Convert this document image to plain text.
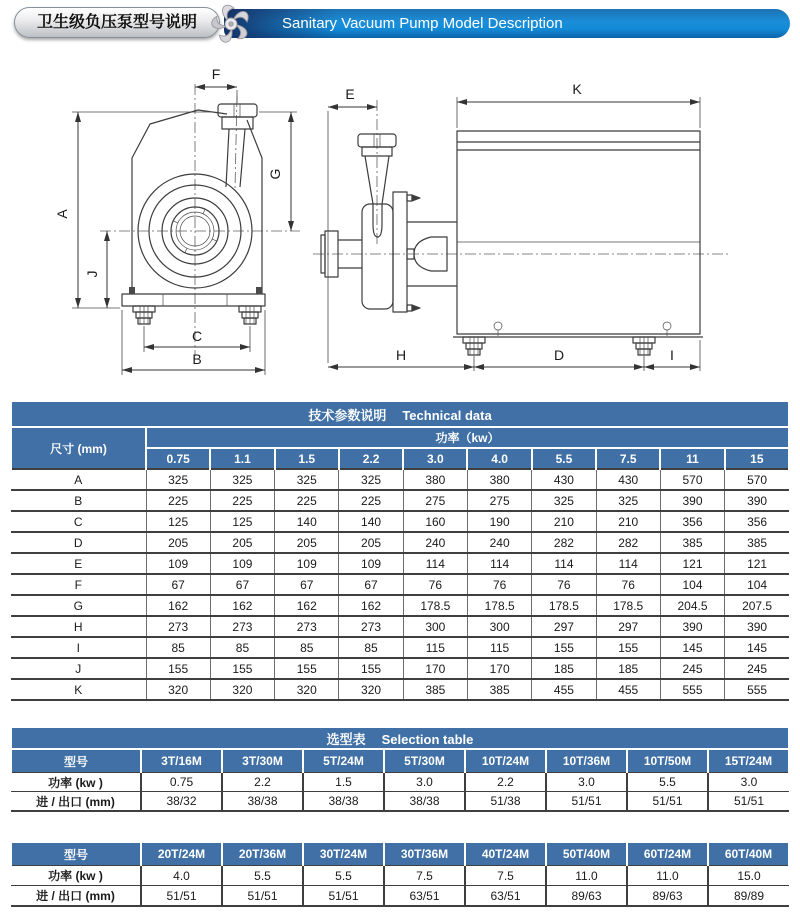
Sanitary Vacuum Pump Model Description
卫生级负压泵型号说明
F
A
J
G
C
B
E	K
H	D	I
技术参数说明 Technical data										
尺寸 (mm)	功率（kw）									
	0.75	1.1	1.5	2.2	3.0	4.0	5.5	7.5	11	15
A	325	325	325	325	380	380	430	430	570	570
B	225	225	225	225	275	275	325	325	390	390
C	125	125	140	140	160	190	210	210	356	356
D	205	205	205	205	240	240	282	282	385	385
E	109	109	109	109	114	114	114	114	121	121
F	67	67	67	67	76	76	76	76	104	104
G	162	162	162	162	178.5	178.5	178.5	178.5	204.5	207.5
H	273	273	273	273	300	300	297	297	390	390
I	85	85	85	85	115	115	155	155	145	145
J	155	155	155	155	170	170	185	185	245	245
K	320	320	320	320	385	385	455	455	555	555
选型表 Selection table								
型号	3T/16M	3T/30M	5T/24M	5T/30M	10T/24M	10T/36M	10T/50M	15T/24M
功率 (kw )	0.75	2.2	1.5	3.0	2.2	3.0	5.5	3.0
进 / 出口 (mm)	38/32	38/38	38/38	38/38	51/38	51/51	51/51	51/51
型号	20T/24M	20T/36M	30T/24M	30T/36M	40T/24M	50T/40M	60T/24M	60T/40M
功率 (kw )	4.0	5.5	5.5	7.5	7.5	11.0	11.0	15.0
进 / 出口 (mm)	51/51	51/51	51/51	63/51	63/51	89/63	89/63	89/89
